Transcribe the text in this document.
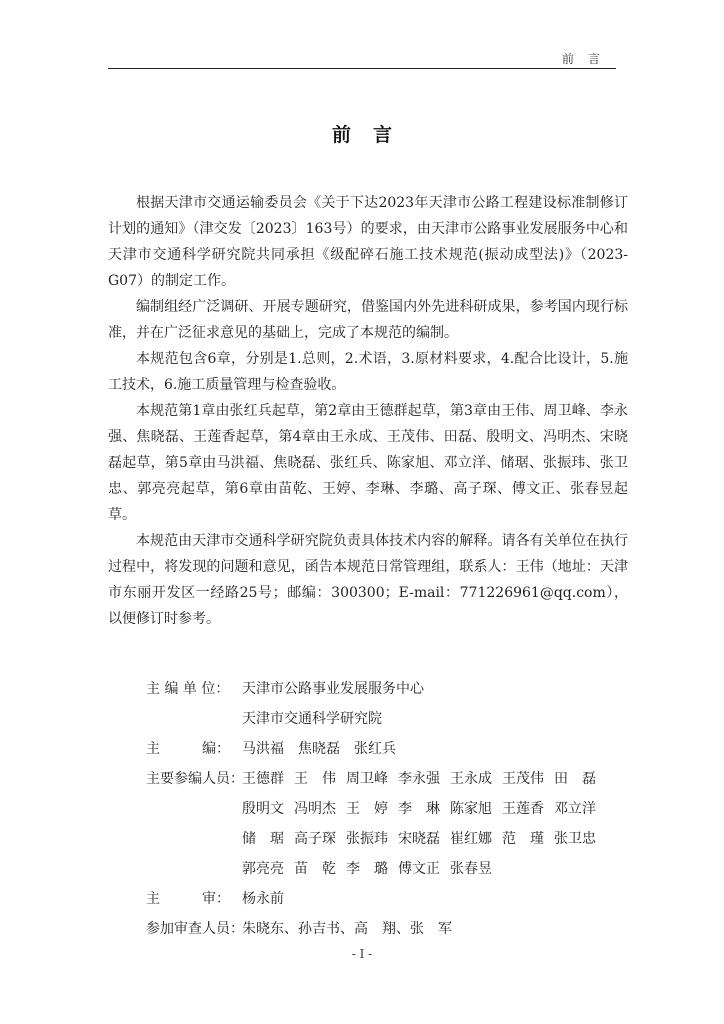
前言
前言

根据天津市交通运输委员会《关于下达2023年天津市公路工程建设标准制修订计划的通知》（津交发〔2023〕163号）的要求，由天津市公路事业发展服务中心和天津市交通科学研究院共同承担《级配碎石施工技术规范(振动成型法)》（2023-G07）的制定工作。

编制组经广泛调研、开展专题研究，借鉴国内外先进科研成果，参考国内现行标准，并在广泛征求意见的基础上，完成了本规范的编制。

本规范包含6章，分别是1.总则，2.术语，3.原材料要求，4.配合比设计，5.施工技术，6.施工质量管理与检查验收。

本规范第1章由张红兵起草，第2章由王德群起草，第3章由王伟、周卫峰、李永强、焦晓磊、王莲香起草，第4章由王永成、王茂伟、田磊、殷明文、冯明杰、宋晓磊起草，第5章由马洪福、焦晓磊、张红兵、陈家旭、邓立洋、储琚、张振玮、张卫忠、郭亮亮起草，第6章由苗乾、王婷、李琳、李璐、高子琛、傅文正、张春昱起草。

本规范由天津市交通科学研究院负责具体技术内容的解释。请各有关单位在执行过程中，将发现的问题和意见，函告本规范日常管理组，联系人：王伟（地址：天津市东丽开发区一经路25号；邮编：300300；E-mail：771226961@qq.com），以便修订时参考。

主 编 单 位： 天津市公路事业发展服务中心
天津市交通科学研究院
主　　　编： 马洪福　焦晓磊　张红兵
主要参编人员：王德群 王　伟 周卫峰 李永强 王永成 王茂伟 田　磊
殷明文 冯明杰 王　婷 李　琳 陈家旭 王莲香 邓立洋
储　琚 高子琛 张振玮 宋晓磊 崔红娜 范　瑾 张卫忠
郭亮亮 苗　乾 李　璐 傅文正 张春昱
主　　　审： 杨永前
参加审查人员：朱晓东、孙吉书、高　翔、张　军
- I -
